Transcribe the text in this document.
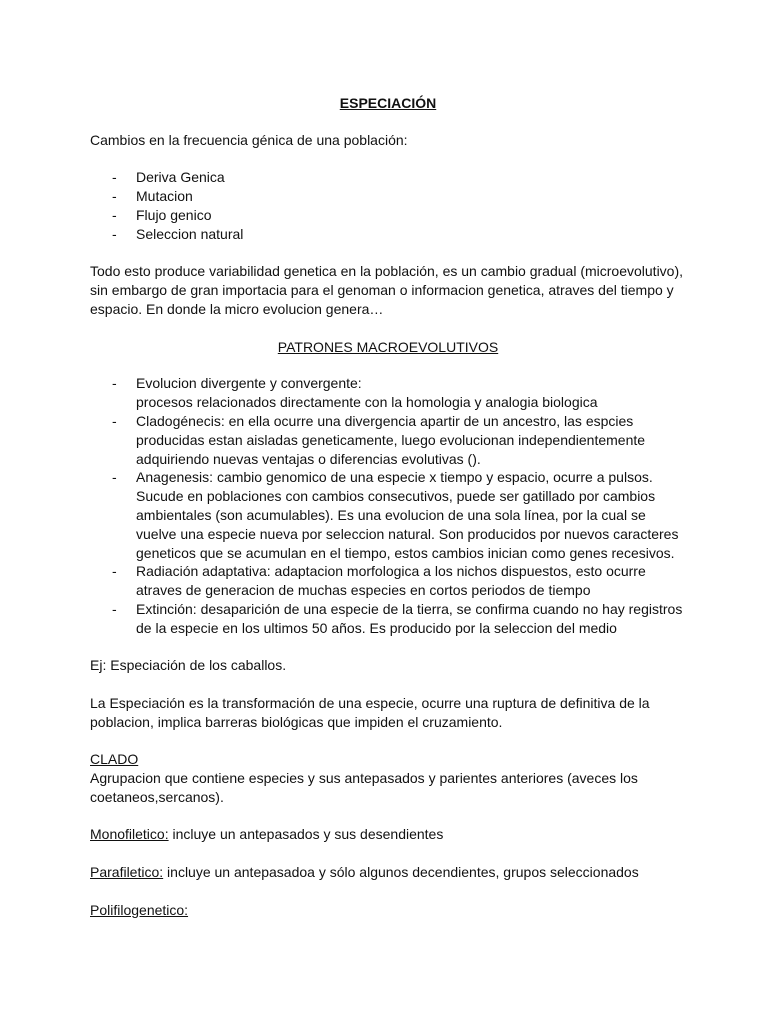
ESPECIACIÓN

Cambios en la frecuencia génica de una población:

- Deriva Genica
- Mutacion
- Flujo genico
- Seleccion natural

Todo esto produce variabilidad genetica en la población, es un cambio gradual (microevolutivo), sin embargo de gran importacia para el genoman o informacion genetica, atraves del tiempo y espacio. En donde la micro evolucion genera…

PATRONES MACROEVOLUTIVOS
- Evolucion divergente y convergente:
procesos relacionados directamente con la homologia y analogia biologica
- Cladogénecis: en ella ocurre una divergencia apartir de un ancestro, las espcies producidas estan aisladas geneticamente, luego evolucionan independientemente adquiriendo nuevas ventajas o diferencias evolutivas ().
- Anagenesis: cambio genomico de una especie x tiempo y espacio, ocurre a pulsos. Sucude en poblaciones con cambios consecutivos, puede ser gatillado por cambios ambientales (son acumulables). Es una evolucion de una sola línea, por la cual se vuelve una especie nueva por seleccion natural. Son producidos por nuevos caracteres geneticos que se acumulan en el tiempo, estos cambios inician como genes recesivos.
- Radiación adaptativa: adaptacion morfologica a los nichos dispuestos, esto ocurre atraves de generacion de muchas especies en cortos periodos de tiempo
- Extinción: desaparición de una especie de la tierra, se confirma cuando no hay registros de la especie en los ultimos 50 años. Es producido por la seleccion del medio

Ej: Especiación de los caballos.

La Especiación es la transformación de una especie, ocurre una ruptura de definitiva de la poblacion, implica barreras biológicas que impiden el cruzamiento.

CLADO

Agrupacion que contiene especies y sus antepasados y parientes anteriores (aveces los coetaneos,sercanos).

Monofiletico: incluye un antepasados y sus desendientes

Parafiletico: incluye un antepasadoa y sólo algunos decendientes, grupos seleccionados

Polifilogenetico:
